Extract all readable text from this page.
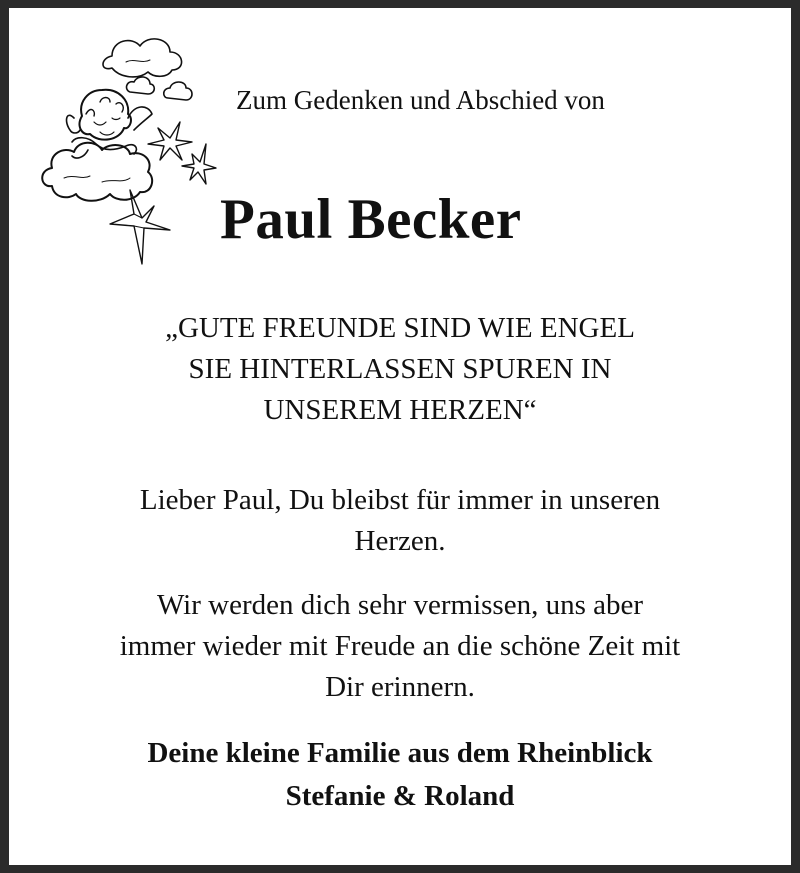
Zum Gedenken und Abschied von
Paul Becker
„GUTE FREUNDE SIND WIE ENGEL
SIE HINTERLASSEN SPUREN IN
UNSEREM HERZEN“
Lieber Paul, Du bleibst für immer in unseren
Herzen.
Wir werden dich sehr vermissen, uns aber
immer wieder mit Freude an die schöne Zeit mit
Dir erinnern.
Deine kleine Familie aus dem Rheinblick
Stefanie & Roland
